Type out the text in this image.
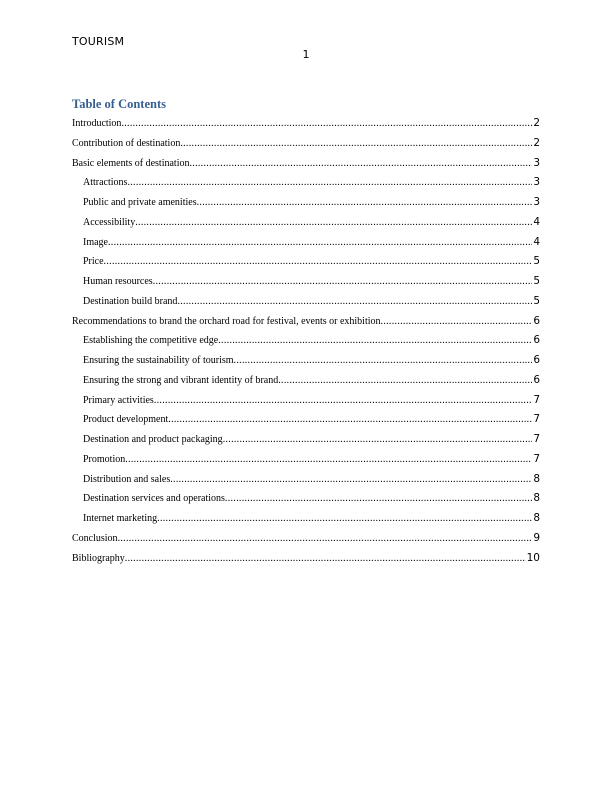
TOURISM
1
Table of Contents
Introduction .....	2
Contribution of destination .....	2
Basic elements of destination .....	3
Attractions .....	3
Public and private amenities .....	3
Accessibility .....	4
Image .....	4
Price .....	5
Human resources .....	5
Destination build brand .....	5
Recommendations to brand the orchard road for festival, events or exhibition .....	6
Establishing the competitive edge .....	6
Ensuring the sustainability of tourism .....	6
Ensuring the strong and vibrant identity of brand .....	6
Primary activities .....	7
Product development .....	7
Destination and product packaging .....	7
Promotion .....	7
Distribution and sales .....	8
Destination services and operations .....	8
Internet marketing .....	8
Conclusion .....	9
Bibliography .....	10
